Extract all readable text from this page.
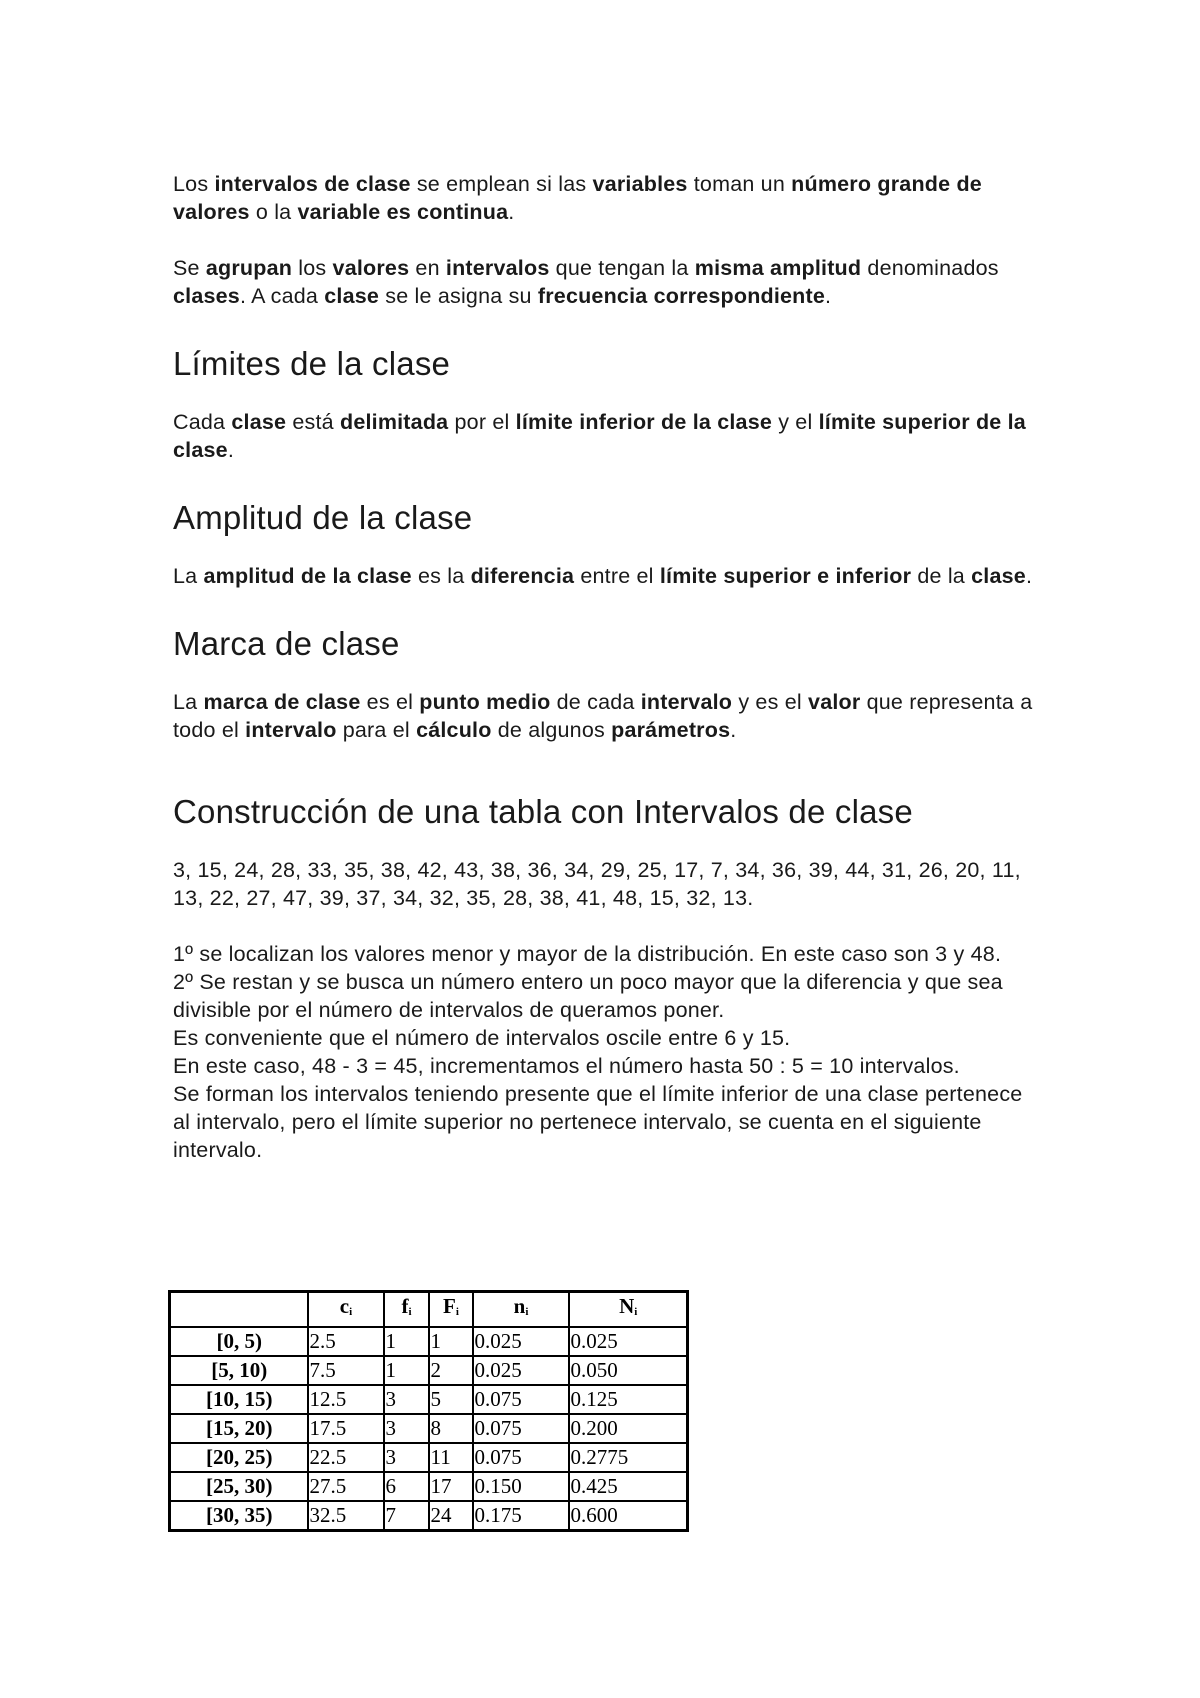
Los intervalos de clase se emplean si las variables toman un número grande de valores o la variable es continua.

Se agrupan los valores en intervalos que tengan la misma amplitud denominados clases. A cada clase se le asigna su frecuencia correspondiente.

Límites de la clase

Cada clase está delimitada por el límite inferior de la clase y el límite superior de la clase.

Amplitud de la clase

La amplitud de la clase es la diferencia entre el límite superior e inferior de la clase.

Marca de clase

La marca de clase es el punto medio de cada intervalo y es el valor que representa a todo el intervalo para el cálculo de algunos parámetros.

Construcción de una tabla con Intervalos de clase

3, 15, 24, 28, 33, 35, 38, 42, 43, 38, 36, 34, 29, 25, 17, 7, 34, 36, 39, 44, 31, 26, 20, 11, 13, 22, 27, 47, 39, 37, 34, 32, 35, 28, 38, 41, 48, 15, 32, 13.

1º se localizan los valores menor y mayor de la distribución. En este caso son 3 y 48.

2º Se restan y se busca un número entero un poco mayor que la diferencia y que sea divisible por el número de intervalos de queramos poner.

Es conveniente que el número de intervalos oscile entre 6 y 15.

En este caso, 48 - 3 = 45, incrementamos el número hasta 50 : 5 = 10 intervalos.

Se forman los intervalos teniendo presente que el límite inferior de una clase pertenece al intervalo, pero el límite superior no pertenece intervalo, se cuenta en el siguiente intervalo.

	$c_i$	$f_i$	$F_i$	$n_i$	$N_i$
[0, 5)	2.5	1	1	0.025	0.025
[5, 10)	7.5	1	2	0.025	0.050
[10, 15)	12.5	3	5	0.075	0.125
[15, 20)	17.5	3	8	0.075	0.200
[20, 25)	22.5	3	11	0.075	0.2775
[25, 30)	27.5	6	17	0.150	0.425
[30, 35)	32.5	7	24	0.175	0.600
